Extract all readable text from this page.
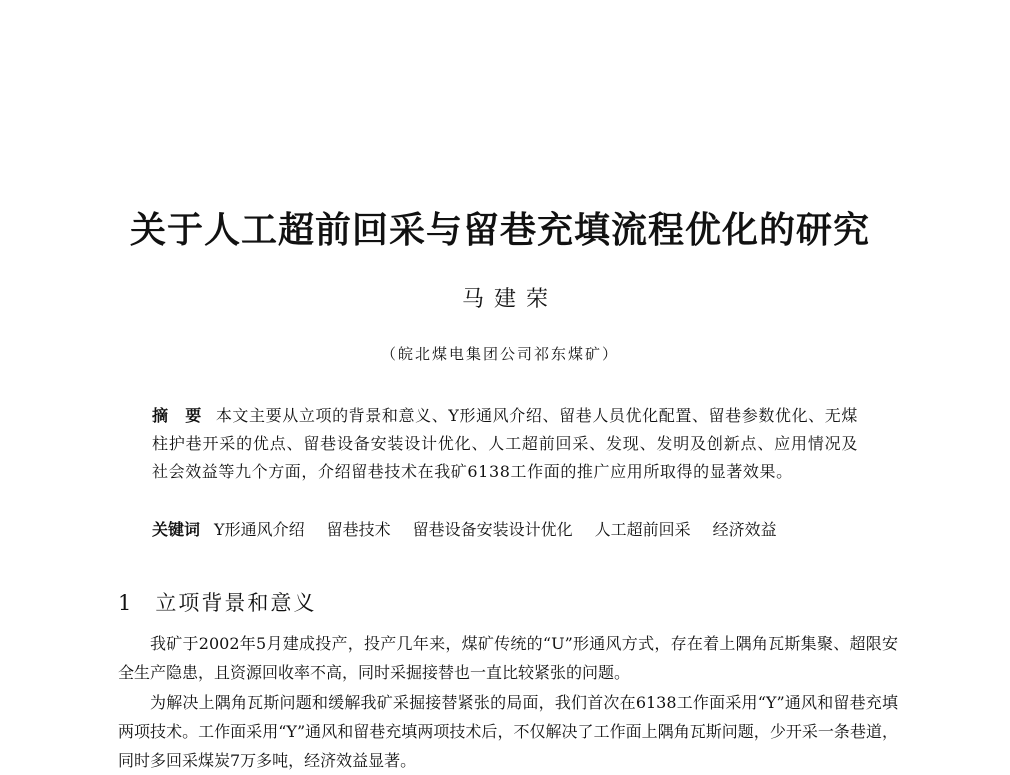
关于人工超前回采与留巷充填流程优化的研究

马建荣

（皖北煤电集团公司祁东煤矿）

摘　要 本文主要从立项的背景和意义、Y形通风介绍、留巷人员优化配置、留巷参数优化、无煤柱护巷开采的优点、留巷设备安装设计优化、人工超前回采、发现、发明及创新点、应用情况及社会效益等九个方面，介绍留巷技术在我矿6138工作面的推广应用所取得的显著效果。

关键词 Y形通风介绍 留巷技术 留巷设备安装设计优化 人工超前回采 经济效益

1 立项背景和意义

我矿于2002年5月建成投产，投产几年来，煤矿传统的“U”形通风方式，存在着上隅角瓦斯集聚、超限安全生产隐患，且资源回收率不高，同时采掘接替也一直比较紧张的问题。

为解决上隅角瓦斯问题和缓解我矿采掘接替紧张的局面，我们首次在6138工作面采用“Y”通风和留巷充填两项技术。工作面采用“Y”通风和留巷充填两项技术后，不仅解决了工作面上隅角瓦斯问题，少开采一条巷道，同时多回采煤炭7万多吨，经济效益显著。
